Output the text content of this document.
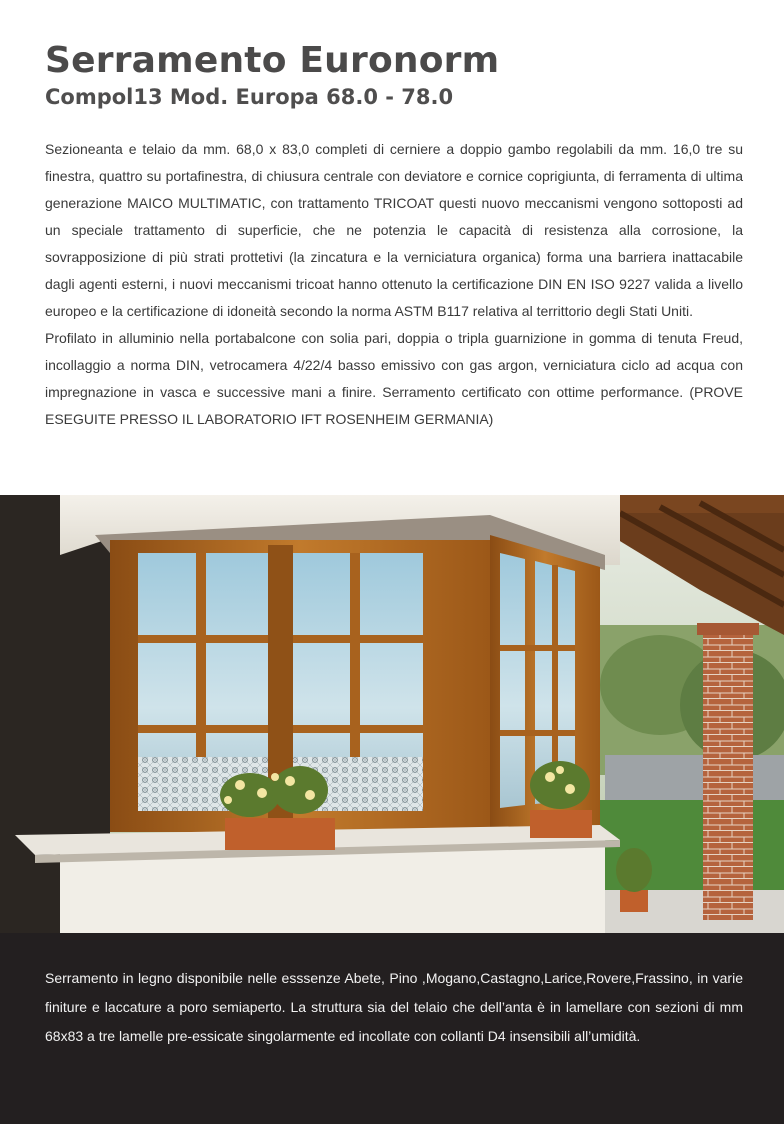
Serramento Euronorm
Compol13 Mod. Europa 68.0 - 78.0

Sezioneanta e telaio da mm. 68,0 x 83,0 completi di cerniere a doppio gambo regolabili da mm. 16,0 tre su finestra, quattro su portafinestra, di chiusura centrale con deviatore e cornice coprigiunta, di ferramenta di ultima generazione MAICO MULTIMATIC, con trattamento TRICOAT questi nuovo meccanismi vengono sottoposti ad un speciale trattamento di superficie, che ne potenzia le capacità di resistenza alla corrosione, la sovrapposizione di più strati prottetivi (la zincatura e la verniciatura organica) forma una barriera inattacabile dagli agenti esterni, i nuovi meccanismi tricoat hanno ottenuto la certificazione DIN EN ISO 9227 valida a livello europeo e la certificazione di idoneità secondo la norma ASTM B117 relativa al territtorio degli Stati Uniti.

Profilato in alluminio nella portabalcone con solia pari, doppia o tripla guarnizione in gomma di tenuta Freud, incollaggio a norma DIN, vetrocamera 4/22/4 basso emissivo con gas argon, verniciatura ciclo ad acqua con impregnazione in vasca e successive mani a finire. Serramento certificato con ottime performance. (PROVE ESEGUITE PRESSO IL LABORATORIO IFT ROSENHEIM GERMANIA)

Serramento in legno disponibile nelle esssenze Abete, Pino ,Mogano,Castagno,Larice,Rovere,Frassino, in varie finiture e laccature a poro semiaperto. La struttura sia del telaio che dell’anta è in lamellare con sezioni di mm 68x83 a tre lamelle pre-essicate singolarmente ed incollate con collanti D4 insensibili all’umidità.
